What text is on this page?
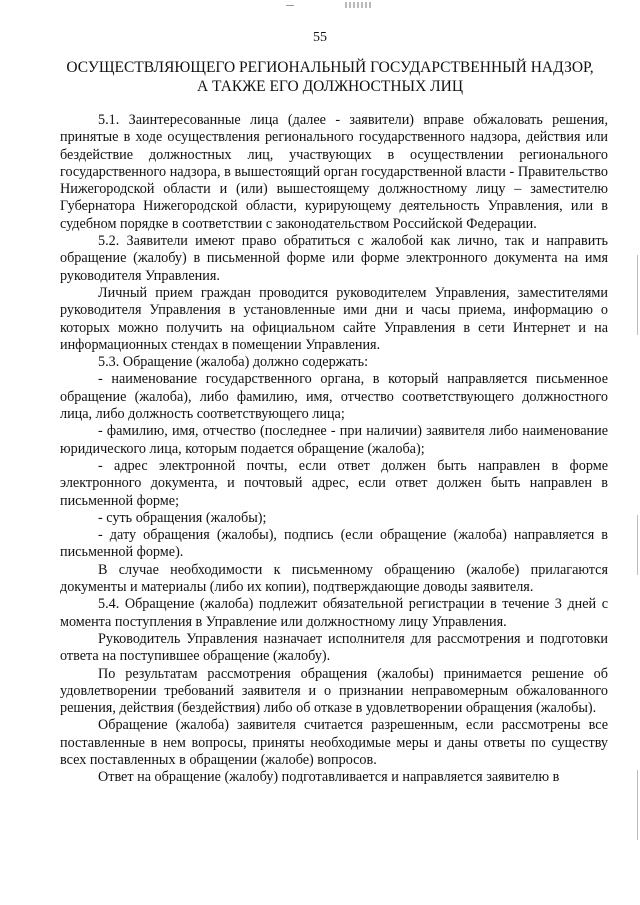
55
ОСУЩЕСТВЛЯЮЩЕГО РЕГИОНАЛЬНЫЙ ГОСУДАРСТВЕННЫЙ НАДЗОР,
А ТАКЖЕ ЕГО ДОЛЖНОСТНЫХ ЛИЦ

5.1. Заинтересованные лица (далее - заявители) вправе обжаловать решения, принятые в ходе осуществления регионального государственного надзора, действия или бездействие должностных лиц, участвующих в осуществлении регионального государственного надзора, в вышестоящий орган государственной власти - Правительство Нижегородской области и (или) вышестоящему должностному лицу – заместителю Губернатора Нижегородской области, курирующему деятельность Управления, или в судебном порядке в соответствии с законодательством Российской Федерации.

5.2. Заявители имеют право обратиться с жалобой как лично, так и направить обращение (жалобу) в письменной форме или форме электронного документа на имя руководителя Управления.

Личный прием граждан проводится руководителем Управления, заместителями руководителя Управления в установленные ими дни и часы приема, информацию о которых можно получить на официальном сайте Управления в сети Интернет и на информационных стендах в помещении Управления.

5.3. Обращение (жалоба) должно содержать:

- наименование государственного органа, в который направляется письменное обращение (жалоба), либо фамилию, имя, отчество соответствующего должностного лица, либо должность соответствующего лица;

- фамилию, имя, отчество (последнее - при наличии) заявителя либо наименование юридического лица, которым подается обращение (жалоба);

- адрес электронной почты, если ответ должен быть направлен в форме электронного документа, и почтовый адрес, если ответ должен быть направлен в письменной форме;

- суть обращения (жалобы);

- дату обращения (жалобы), подпись (если обращение (жалоба) направляется в письменной форме).

В случае необходимости к письменному обращению (жалобе) прилагаются документы и материалы (либо их копии), подтверждающие доводы заявителя.

5.4. Обращение (жалоба) подлежит обязательной регистрации в течение 3 дней с момента поступления в Управление или должностному лицу Управления.

Руководитель Управления назначает исполнителя для рассмотрения и подготовки ответа на поступившее обращение (жалобу).

По результатам рассмотрения обращения (жалобы) принимается решение об удовлетворении требований заявителя и о признании неправомерным обжалованного решения, действия (бездействия) либо об отказе в удовлетворении обращения (жалобы).

Обращение (жалоба) заявителя считается разрешенным, если рассмотрены все поставленные в нем вопросы, приняты необходимые меры и даны ответы по существу всех поставленных в обращении (жалобе) вопросов.

Ответ на обращение (жалобу) подготавливается и направляется заявителю в
